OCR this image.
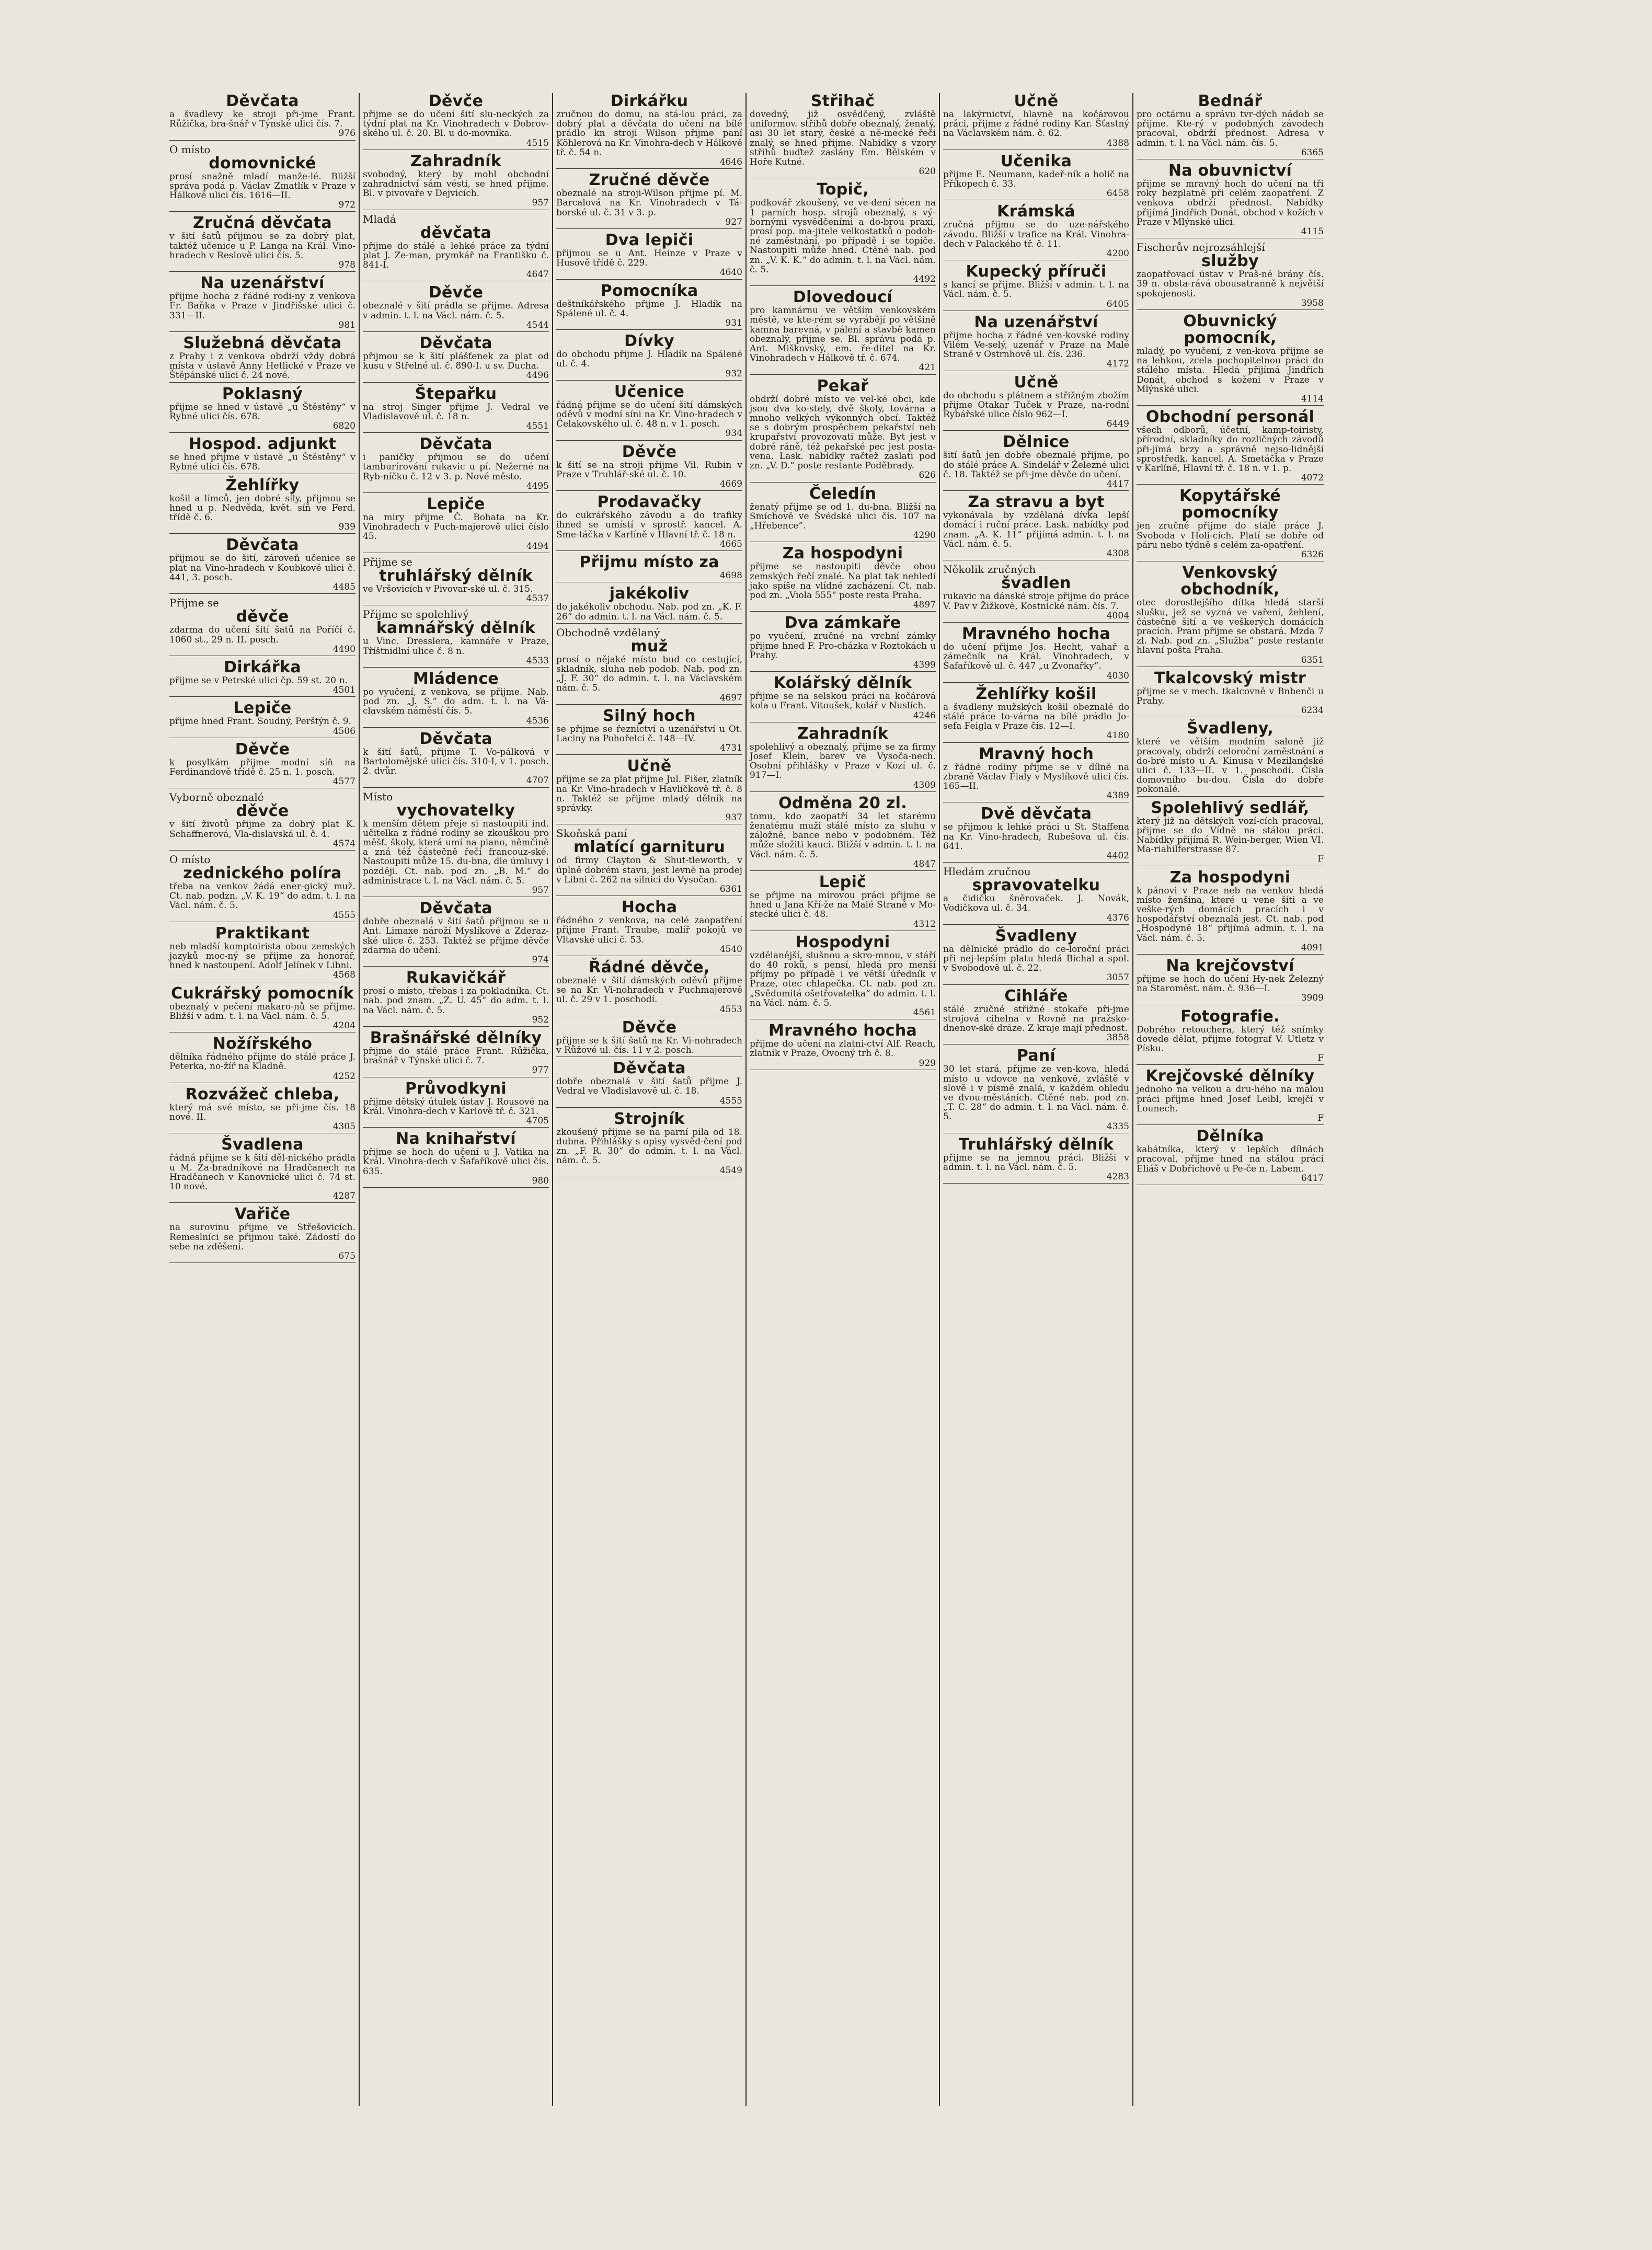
Děvčata
a švadlevy ke stroji při-jme Frant. Růžička, bra-šnář v Týnské ulici čís. 7.
976
O místo
domovnické
prosí snažně mladí manže-lé. Bližší správa podá p. Václav Zmatlík v Praze v Hálkově ulici čís. 1616—II.
972
Zručná děvčata
v šití šatů přijmou se za dobrý plat, taktéž učenice u P. Langa na Král. Vino-hradech v Reslově ulici čís. 5.
978
Na uzenářství
přijme hocha z řádné rodi-ny z venkova Fr. Baňka v Praze v Jindřišské ulici č. 331—II.
981
Služebná děvčata
z Prahy i z venkova obdrží vždy dobrá místa v ústavě Anny Hetlické v Praze ve Štěpánské ulici č. 24 nové.
Poklasný
přijme se hned v ústavě „u Štěstěny“ v Rybné ulici čís. 678.
6820
Hospod. adjunkt
se hned přijme v ústavě „u Štěstěny“ v Rybné ulici čís. 678.
Žehlířky
košil a límců, jen dobré síly, přijmou se hned u p. Nedvěda, květ. síň ve Ferd. třídě č. 6.
939
Děvčata
přijmou se do šití, zároveň učenice se plat na Vino-hradech v Koubkově ulici č. 441, 3. posch.
4485
Přijme se
děvče
zdarma do učení šití šatů na Poříčí č. 1060 st., 29 n. II. posch.
4490
Dirkářka
přijme se v Petrské ulici čp. 59 st. 20 n.
4501
Lepiče
přijme hned Frant. Soudný, Perštýn č. 9.
4506
Děvče
k posylkám přijme modní síň na Ferdinandově třídě č. 25 n. 1. posch.
4577
Vyborně obeznalé
děvče
v šití životů přijme za dobrý plat K. Schaffnerová, Vla-dislavská ul. č. 4.
4574
O místo
zednického políra
třeba na venkov žádá ener-gický muž. Ct. nab. podzn. „V. K. 19“ do adm. t. l. na Václ. nám. č. 5.
4555
Praktikant
neb mladší komptoirista obou zemských jazyků moc-ný se přijme za honorář, hned k nastoupení. Adolf Jelínek v Libni.
4568
Cukrářský pomocník
obeznalý v pečení makaro-nů se přijme. Bližší v adm. t. l. na Václ. nám. č. 5.
4204
Nožířského
dělníka řádného přijme do stálé práce J. Peterka, no-žíř na Kladně.
4252
Rozvážeč chleba,
který má své místo, se při-jme čís. 18 nové. II.
4305
Švadlena
řádná přijme se k šití děl-nického prádla u M. Za-bradníkové na Hradčanech na Hradčanech v Kanovnické ulici č. 74 st. 10 nové.
4287
Vařiče
na surovinu přijme ve Střešovicích. Remeslníci se přijmou také. Zádostí do sebe na zděšeni.
675
Děvče
přijme se do učení šití slu-neckých za týdní plat na Kr. Vinohradech v Dobrov-ského ul. č. 20. Bl. u do-movníka.
4515
Zahradník
svobodný, který by mohl obchodní zahradnictví sám vésti, se hned přijme. Bl. v pivovaře v Dejvicích.
957
Mladá
děvčata
přijme do stálé a lehké práce za týdní plat J. Ze-man, prymkář na Františku č. 841-I.
4647
Děvče
obeznalé v šití prádla se přijme. Adresa v admin. t. l. na Václ. nám. č. 5.
4544
Děvčata
přijmou se k šití plášťenek za plat od kusu v Střelné ul. č. 890-I. u sv. Ducha.
4496
Štepařku
na stroj Singer přijme J. Vedral ve Vladislavově ul. č. 18 n.
4551
Děvčata
i paničky přijmou se do učení tamburírování rukavic u pí. Nežerné na Ryb-níčku č. 12 v 3. p. Nové město.
4495
Lepiče
na miry přijme Č. Bohata na Kr. Vinohradech v Puch-majerově ulici číslo 45.
4494
Přijme se
truhlářský dělník
ve Vršovicích v Pivovar-ské ul. č. 315.
4537
Přijme se spolehlivý
kamnářský dělník
u Vinc. Dresslera, kamnáře v Praze, Tříštnidlní ulice č. 8 n.
4533
Mládence
po vyučení, z venkova, se přijme. Nab. pod zn. „J. S.“ do adm. t. l. na Vá-clavském náměstí čís. 5.
4536
Děvčata
k šití šatů, přijme T. Vo-pálková v Bartolomějské ulici čís. 310-I, v 1. posch. 2. dvůr.
4707
Místo
vychovatelky
k menším dětem přeje si nastoupiti ind. učitelka z řádné rodiny se zkouškou pro měšť. školy, která umí na piano, němčině a zná též částečně řeči francouz-ské. Nastoupiti může 15. du-bna, dle úmluvy i později. Ct. nab. pod zn. „B. M.“ do administrace t. l. na Václ. nám. č. 5.
957
Děvčata
dobře obeznalá v šití šatů přijmou se u Ant. Limaxe nároží Myslíkové a Zderaz-ské ulice č. 253. Taktéž se přijme děvče zdarma do učení.
974
Rukavičkář
prosí o místo, třebas i za pokladníka. Ct. nab. pod znam. „Z. U. 45“ do adm. t. l. na Václ. nám. č. 5.
952
Brašnářské dělníky
přijme do stálé práce Frant. Růžička, brašnář v Týnské ulici č. 7.
977
Průvodkyni
přijme dětský útulek ústav J. Rousové na Král. Vinohra-dech v Karlově tř. č. 321.
4705
Na knihařství
přijme se hoch do učení u J. Vatika na Král. Vinohra-dech v Šafaříkově ulici čís. 635.
980
Dirkářku
zručnou do domu, na stá-lou práci, za dobrý plat a děvčata do učení na bílé prádlo kn stroji Wilson přijme paní Köhlerová na Kr. Vinohra-dech v Hálkově tř. č. 54 n.
4646
Zručné děvče
obeznalé na stroji-Wilson přijme pí. M. Barcalová na Kr. Vinohradech v Tá-borské ul. č. 31 v 3. p.
927
Dva lepiči
přijmou se u Ant. Heinze v Praze v Husově třídě č. 229.
4640
Pomocníka
deštníkářského přijme J. Hladík na Spálené ul. č. 4.
931
Dívky
do obchodu přijme J. Hladík na Spálené ul. č. 4.
932
Učenice
řádná přijme se do učení šití dámských oděvů v modní síni na Kr. Vino-hradech v Čelakovského ul. č. 48 n. v 1. posch.
934
Děvče
k šití se na stroji přijme Vil. Rubin v Praze v Truhlář-ské ul. č. 10.
4669
Prodavačky
do cukrářského závodu a do trafiky ihned se umístí v sprostř. kancel. A. Sme-táčka v Karlíně v Hlavní tř. č. 18 n.
4665
Přijmu místo za
4698
jakékoliv
do jakékoliv obchodu. Nab. pod zn. „K. F. 26“ do admin. t. l. na Václ. nám. č. 5.
Obchodně vzdělaný
muž
prosí o nějaké místo bud co cestující, skladník, sluha neb podob. Nab. pod zn. „J. F. 30“ do admin. t. l. na Václavském nám. č. 5.
4697
Silný hoch
se přijme se řeznictví a uzenářství u Ot. Laciny na Pohořelci č. 148—IV.
4731
Učně
přijme se za plat přijme Jul. Fišer, zlatník na Kr. Vino-hradech v Havlíčkově tř. č. 8 n. Taktéž se přijme mladý dělník na správky.
937
Skoňská paní
mlatící garnituru
od firmy Clayton & Shut-tleworth, v úplně dobrém stavu, jest levně na prodej v Libni č. 262 na silnici do Vysočan.
6361
Hocha
řádného z venkova, na celé zaopatření přijme Frant. Traube, malíř pokojů ve Vltavské ulici č. 53.
4540
Řádné děvče,
obeznalé v šití dámských oděvů přijme se na Kr. Vi-nohradech v Puchmajerově ul. č. 29 v 1. poschodí.
4553
Děvče
přijme se k šití šatů na Kr. Vi-nohradech v Růžové ul. čís. 11 v 2. posch.
Děvčata
dobře obeznalá v šití šatů přijme J. Vedral ve Vladislavově ul. č. 18.
4555
Strojník
zkoušený přijme se na parní pila od 18. dubna. Přihlášky s opisy vysvěd-čení pod zn. „F. R. 30“ do admin. t. l. na Václ. nám. č. 5.
4549
Střihač
dovedný, již osvědčený, zvláště uniformov. střihů dobře obeznalý, ženatý, asi 30 let starý, české a ně-mecké řeči znalý, se hned přijme. Nabídky s vzory střihů buďtež zaslány Em. Bělském v Hoře Kutné.
620
Topič,
podkovář zkoušený, ve ve-dení sécen na 1 parních hosp. strojů obeznalý, s vý-bornými vysvědčeními a do-brou praxí, prosí pop. ma-jitele velkostatků o podob-né zaměstnání, po případě i se topiče. Nastoupiti může hned. Ctěné nab. pod zn. „V. K. K.“ do admin. t. l. na Václ. nám. č. 5.
4492
Dlovedoucí
pro kamnárnu ve větším venkovském městě, ve kte-rém se vyrábějí po většině kamna barevná, v pálení a stavbě kamen obeznalý, přijme se. Bl. správu podá p. Ant. Miškovský, em. ře-ditel na Kr. Vinohradech v Hálkově tř. č. 674.
421
Pekař
obdrží dobré místo ve vel-ké obci, kde jsou dva ko-stely, dvě školy, továrna a mnoho velkých výkonných obcí. Taktéž se s dobrým prospěchem pekařství neb krupařství provozovati může. Byt jest v dobré ráně, též pekařské pec jest posta-vena. Lask. nabídky račtež zaslati pod zn. „V. D.“ poste restante Poděbrady.
626
Čeledín
ženatý přijme se od 1. du-bna. Bližší na Smíchově ve Švédské ulici čís. 107 na „Hřebence“.
4290
Za hospodyni
přijme se nastoupiti děvče obou zemských řečí znalé. Na plat tak nehledí jako spíše na vlídné zacházení. Ct. nab. pod zn. „Viola 555“ poste resta Praha.
4897
Dva zámkaře
po vyučení, zručné na vrchní zámky přijme hned F. Pro-cházka v Roztokách u Prahy.
4399
Kolářský dělník
přijme se na selskou práci na kočárová kola u Frant. Vitoušek, kolář v Nuslích.
4246
Zahradník
spolehlivý a obeznalý, přijme se za firmy Josef Klein, barev ve Vysoča-nech. Osobní přihlášky v Praze v Kozí ul. č. 917—I.
4309
Odměna 20 zl.
tomu, kdo zaopatří 34 let starému ženatému muži stálé místo za sluhu v záložně, bance nebo v podobném. Též může složiti kauci. Bližší v admin. t. l. na Václ. nám. č. 5.
4847
Lepič
se přijme na mírovou práci přijme se hned u Jana Kří-že na Malé Straně v Mo-stecké ulici č. 48.
4312
Hospodyni
vzdělanější, slušnou a skro-mnou, v stáří do 40 roků, s pensí, hledá pro menší příjmy po případě i ve větší úředník v Praze, otec chlapečka. Ct. nab. pod zn. „Svědomitá ošetřovatelka“ do admin. t. l. na Václ. nám. č. 5.
4561
Mravného hocha
přijme do učení na zlatni-ctví Alf. Reach, zlatník v Praze, Ovocný trh č. 8.
929
Učně
na lakýrnictví, hlavně na kočárovou práci, přijme z řádné rodiny Kar. Šťastný na Václavském nám. č. 62.
4388
Učenika
přijme E. Neumann, kadeř-ník a holič na Příkopech č. 33.
6458
Krámská
zručná přijmu se do uze-nářského závodu. Bližší v trafice na Král. Vinohra-dech v Palackého tř. č. 11.
4200
Kupecký příruči
s kancí se přijme. Bližší v admin. t. l. na Václ. nám. č. 5.
6405
Na uzenářství
přijme hocha z řádné ven-kovské rodiny Vilém Ve-selý, uzenář v Praze na Malé Straně v Ostrnhově ul. čís. 236.
4172
Učně
do obchodu s plátnem a střižným zbožím přijme Otakar Tuček v Praze, na-rodní Rybářské ulice číslo 962—I.
6449
Dělnice
šití šatů jen dobře obeznalé přijme, po do stálé práce A. Sindelář v Železné ulici č. 18. Taktéž se při-jme děvče do učení.
4417
Za stravu a byt
vykonávala by vzdělaná dívka lepší domácí i ruční práce. Lask. nabídky pod znam. „A. K. 11“ přijímá admin. t. l. na Václ. nám. č. 5.
4308
Několik zručných
švadlen
rukavic na dánské stroje přijme do práce V. Pav v Žižkově, Kostnické nám. čís. 7.
4004
Mravného hocha
do učení přijme Jos. Hecht, vahař a zámečník na Král. Vinohradech, v Šafaříkově ul. č. 447 „u Zvonařky“.
4030
Žehlířky košil
a švadleny mužských košil obeznalé do stálé práce to-várna na bílé prádlo Jo-sefa Feigla v Praze čís. 12—I.
4180
Mravný hoch
z řádné rodiny přijme se v dílně na zbraně Václav Fialy v Myslíkově ulici čís. 165—II.
4389
Dvě děvčata
se přijmou k lehké práci u St. Staffena na Kr. Vino-hradech, Rubešova ul. čís. 641.
4402
Hledám zručnou
spravovatelku
a čidičku šněrovaček. J. Novák, Vodičkova ul. č. 34.
4376
Švadleny
na dělnické prádlo do ce-loroční práci při nej-lepším platu hledá Bichal a spol. v Svobodově ul. č. 22.
3057
Cihláře
stálé zručné střižné stokaře při-jme strojová cihelna v Rovně na pražsko-dnenov-ské dráze. Z kraje mají přednost.
3858
Paní
30 let stará, přijme ze ven-kova, hledá místo u vdovce na venkově, zvláště v slově i v písmě znalá, v každém ohledu ve dvou-městáních. Ctěné nab. pod zn. „T. C. 28“ do admin. t. l. na Václ. nám. č. 5.
4335
Truhlářský dělník
přijme se na jemnou práci. Bližší v admin. t. l. na Václ. nám. č. 5.
4283
Bednář
pro octárnu a správu tvr-dých nádob se přijme. Kte-rý v podobných závodech pracoval, obdrží přednost. Adresa v admin. t. l. na Václ. nám. čís. 5.
6365
Na obuvnictví
přijme se mravný hoch do učení na tři roky bezplatně při celém zaopatření. Z venkova obdrží přednost. Nabídky přijímá Jindřich Donát, obchod v kožích v Praze v Mlýnské ulici.
4115
Fischerův nejrozsáhlejší
služby
zaopatřovací ústav v Praš-né brány čís. 39 n. obsta-rává obousatranně k největší spokojenosti.
3958
Obuvnický pomocník,
mladý, po vyučení, z ven-kova přijme se na lehkou, zcela pochopitelnou práci do stálého místa. Hledá přijímá Jindřich Donát, obchod s koženi v Praze v Mlýnské ulici.
4114
Obchodní personál
všech odborů, účetní, kamp-toiristy, přírodní, skladníky do rozličných závodů při-jímá brzy a správně nejso-lidnější sprostředk. kancel. A. Smetáčka v Praze v Karlíně, Hlavní tř. č. 18 n. v 1. p.
4072
Kopytářské pomocníky
jen zručné přijme do stálé práce J. Svoboda v Holi-cích. Platí se dobře od páru nebo týdně s celém za-opatření.
6326
Venkovský obchodník,
otec dorostlejšího dítka hledá starší slušku, jež se vyzná ve vaření, žehlení, částečně šití a ve veškerých domácích pracích. Prani přijme se obstará. Mzda 7 zl. Nab. pod zn. „Služba“ poste restante hlavní pošta Praha.
6351
Tkalcovský mistr
přijme se v mech. tkalcovně v Bnbenči u Prahy.
6234
Švadleny,
které ve větším modním saloně již pracovaly, obdrží celoroční zaměstnání a do-bré místo u A. Kinusa v Mezilandské ulici č. 133—II. v 1. poschodí. Čísla domovního bu-dou. Čísla do dobře pokonalé.
Spolehlivý sedlář,
který již na dětských vozí-cích pracoval, přijme se do Vídně na stálou práci. Nabídky přijímá R. Wein-berger, Wien VI. Ma-riahilferstrasse 87.
F
Za hospodyni
k pánovi v Praze neb na venkov hledá místo ženšina, které u vene šíti a ve veške-rých domácích pracích i v hospodářství obeznalá jest. Ct. nab. pod „Hospodyně 18“ přijímá admin. t. l. na Václ. nám. č. 5.
4091
Na krejčovství
přijme se hoch do učení Hy-nek Železný na Staroměst. nám. č. 936—I.
3909
Fotografie.
Dobrého retouchera, který též snímky dovede dělat, přijme fotograf V. Utletz v Písku.
F
Krejčovské dělníky
jednoho na velkou a dru-hého na malou práci přijme hned Josef Leibl, krejčí v Lounech.
F
Dělníka
kabátníka, který v lepších dílnách pracoval, přijme hned na stálou práci Eliáš v Dobřichově u Pe-če n. Labem.
6417
